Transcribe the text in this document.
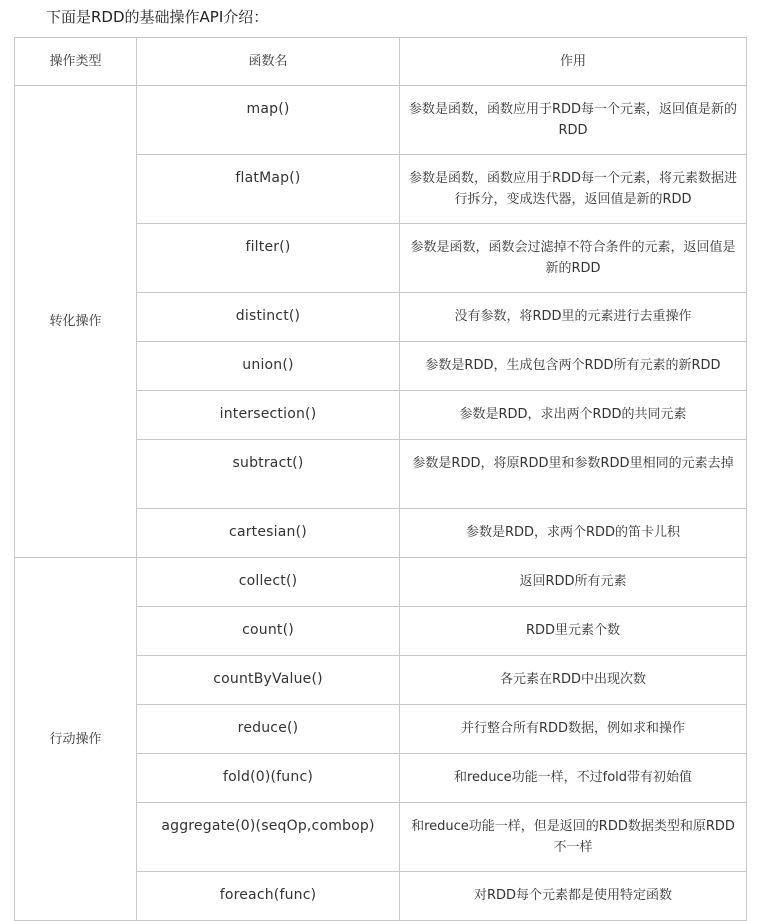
下面是RDD的基础操作API介绍：
操作类型	函数名	作用
转化操作	map()	参数是函数，函数应用于RDD每一个元素，返回值是新的RDD
	flatMap()	参数是函数，函数应用于RDD每一个元素，将元素数据进行拆分，变成迭代器，返回值是新的RDD
	filter()	参数是函数，函数会过滤掉不符合条件的元素，返回值是新的RDD
	distinct()	没有参数，将RDD里的元素进行去重操作
	union()	参数是RDD，生成包含两个RDD所有元素的新RDD
	intersection()	参数是RDD，求出两个RDD的共同元素
	subtract()	参数是RDD，将原RDD里和参数RDD里相同的元素去掉
	cartesian()	参数是RDD，求两个RDD的笛卡儿积
行动操作	collect()	返回RDD所有元素
	count()	RDD里元素个数
	countByValue()	各元素在RDD中出现次数
	reduce()	并行整合所有RDD数据，例如求和操作
	fold(0)(func)	和reduce功能一样，不过fold带有初始值
	aggregate(0)(seqOp,combop)	和reduce功能一样，但是返回的RDD数据类型和原RDD不一样
	foreach(func)	对RDD每个元素都是使用特定函数
